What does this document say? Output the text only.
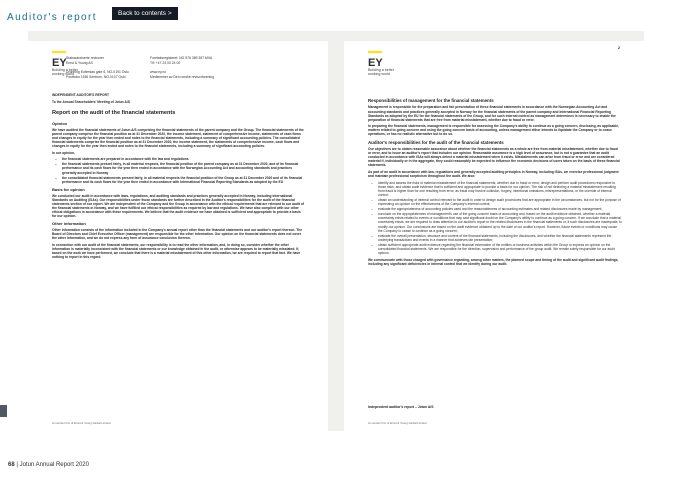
Auditor's report	Back to contents >
EY
Building a better working world
Statsautoriserte revisorer
Ernst & Young AS

Dronning Eufemias gate 6, NO-0191 Oslo
Postboks 1156 Sentrum, NO-0107 Oslo
Foretaksregisteret: NO 976 389 387 MVA
Tlf: +47 24 00 24 00

www.ey.no
Medlemmer av Den norske revisorforening

INDEPENDENT AUDITOR'S REPORT

To the Annual Shareholders' Meeting of Jotun A/S

Report on the audit of the financial statements
Opinion

We have audited the financial statements of Jotun A/S comprising the financial statements of the parent company and the Group. The financial statements of the parent company comprise the financial position as at 31 December 2020, the income statement, statement of comprehensive income, statements of cash flows and changes in equity for the year then ended and notes to the financial statements, including a summary of significant accounting policies. The consolidated financial statements comprise the financial position as at 31 December 2020, the income statement, the statements of comprehensive income, cash flows and changes in equity for the year then ended and notes to the financial statements, including a summary of significant accounting policies.

In our opinion,

– the financial statements are prepared in accordance with the law and regulations
– the financial statements present fairly, in all material respects, the financial position of the parent company as at 31 December 2020, and of its financial performance and its cash flows for the year then ended in accordance with the Norwegian Accounting Act and accounting standards and practices generally accepted in Norway
– the consolidated financial statements present fairly, in all material respects the financial position of the Group as at 31 December 2020 and of its financial performance and its cash flows for the year then ended in accordance with International Financial Reporting Standards as adopted by the EU
Basis for opinion

We conducted our audit in accordance with laws, regulations, and auditing standards and practices generally accepted in Norway, including International Standards on Auditing (ISAs). Our responsibilities under those standards are further described in the Auditor's responsibilities for the audit of the financial statements section of our report. We are independent of the Company and the Group in accordance with the ethical requirements that are relevant to our audit of the financial statements in Norway, and we have fulfilled our ethical responsibilities as required by law and regulations. We have also complied with our other ethical obligations in accordance with these requirements. We believe that the audit evidence we have obtained is sufficient and appropriate to provide a basis for our opinion.

Other information

Other information consists of the information included in the Company's annual report other than the financial statements and our auditor's report thereon. The Board of Directors and Chief Executive Officer (management) are responsible for the other information. Our opinion on the financial statements does not cover the other information, and we do not express any form of assurance conclusion thereon.

In connection with our audit of the financial statements, our responsibility is to read the other information, and, in doing so, consider whether the other information is materially inconsistent with the financial statements or our knowledge obtained in the audit, or otherwise appears to be materially misstated. If, based on the work we have performed, we conclude that there is a material misstatement of this other information, we are required to report that fact. We have nothing to report in this regard.

A member firm of Ernst & Young Global Limited
EY
Building a better working world
2
Responsibilities of management for the financial statements

Management is responsible for the preparation and fair presentation of these financial statements in accordance with the Norwegian Accounting Act and accounting standards and practices generally accepted in Norway for the financial statements of the parent company and International Financial Reporting Standards as adopted by the EU for the financial statements of the Group, and for such internal control as management determines is necessary to enable the preparation of financial statements that are free from material misstatement, whether due to fraud or error.

In preparing the financial statements, management is responsible for assessing the Company's ability to continue as a going concern, disclosing, as applicable, matters related to going concern and using the going concern basis of accounting, unless management either intends to liquidate the Company or to cease operations, or has no realistic alternative but to do so.

Auditor's responsibilities for the audit of the financial statements

Our objectives are to obtain reasonable assurance about whether the financial statements as a whole are free from material misstatement, whether due to fraud or error, and to issue an auditor's report that includes our opinion. Reasonable assurance is a high level of assurance, but is not a guarantee that an audit conducted in accordance with ISAs will always detect a material misstatement when it exists. Misstatements can arise from fraud or error and are considered material if, individually or in the aggregate, they could reasonably be expected to influence the economic decisions of users taken on the basis of these financial statements.

As part of an audit in accordance with law, regulations and generally accepted auditing principles in Norway, including ISAs, we exercise professional judgment and maintain professional scepticism throughout the audit. We also:

– identify and assess the risks of material misstatement of the financial statements, whether due to fraud or error, design and perform audit procedures responsive to those risks, and obtain audit evidence that is sufficient and appropriate to provide a basis for our opinion. The risk of not detecting a material misstatement resulting from fraud is higher than for one resulting from error, as fraud may involve collusion, forgery, intentional omissions, misrepresentations, or the override of internal control;
– obtain an understanding of internal control relevant to the audit in order to design audit procedures that are appropriate in the circumstances, but not for the purpose of expressing an opinion on the effectiveness of the Company's internal control;
– evaluate the appropriateness of accounting policies used and the reasonableness of accounting estimates and related disclosures made by management;
– conclude on the appropriateness of management's use of the going concern basis of accounting and, based on the audit evidence obtained, whether a material uncertainty exists related to events or conditions that may cast significant doubt on the Company's ability to continue as a going concern. If we conclude that a material uncertainty exists, we are required to draw attention in our auditor's report to the related disclosures in the financial statements or, if such disclosures are inadequate, to modify our opinion. Our conclusions are based on the audit evidence obtained up to the date of our auditor's report. However, future events or conditions may cause the Company to cease to continue as a going concern;
– evaluate the overall presentation, structure and content of the financial statements, including the disclosures, and whether the financial statements represent the underlying transactions and events in a manner that achieves fair presentation;
– obtain sufficient appropriate audit evidence regarding the financial information of the entities or business activities within the Group to express an opinion on the consolidated financial statements. We are responsible for the direction, supervision and performance of the group audit. We remain solely responsible for our audit opinion.

We communicate with those charged with governance regarding, among other matters, the planned scope and timing of the audit and significant audit findings, including any significant deficiencies in internal control that we identify during our audit.

Independent auditor's report – Jotun A/S
A member firm of Ernst & Young Global Limited
68 | Jotun Annual Report 2020
